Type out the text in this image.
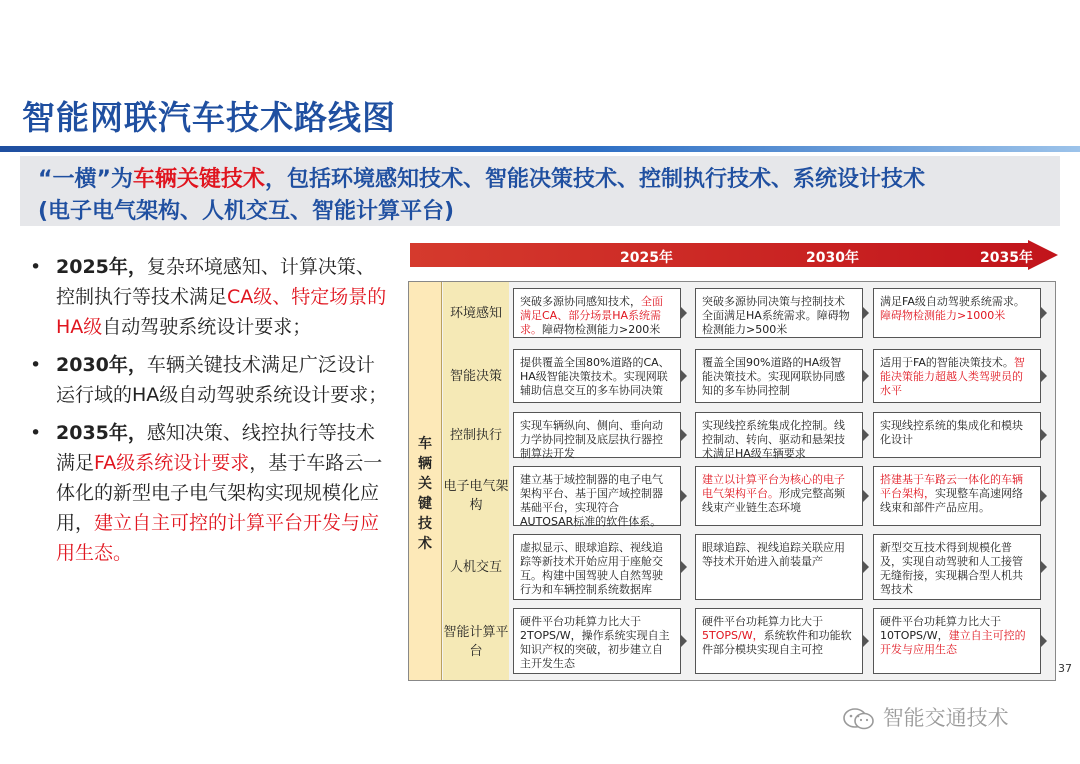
智能网联汽车技术路线图
“一横”为车辆关键技术，包括环境感知技术、智能决策技术、控制执行技术、系统设计技术
(电子电气架构、人机交互、智能计算平台)
• 2025年，复杂环境感知、计算决策、控制执行等技术满足CA级、特定场景的HA级自动驾驶系统设计要求；
• 2030年，车辆关键技术满足广泛设计运行域的HA级自动驾驶系统设计要求；
• 2035年，感知决策、线控执行等技术满足FA级系统设计要求，基于车路云一体化的新型电子电气架构实现规模化应用，建立自主可控的计算平台开发与应用生态。
2025年	2030年	2035年
车辆关键技术
环境感知
突破多源协同感知技术，全面满足CA、部分场景HA系统需求。障碍物检测能力>200米
突破多源协同决策与控制技术全面满足HA系统需求。障碍物检测能力>500米
满足FA级自动驾驶系统需求。障碍物检测能力>1000米
智能决策
提供覆盖全国80%道路的CA、HA级智能决策技术。实现网联辅助信息交互的多车协同决策
覆盖全国90%道路的HA级智能决策技术。实现网联协同感知的多车协同控制
适用于FA的智能决策技术。智能决策能力超越人类驾驶员的水平
控制执行
实现车辆纵向、侧向、垂向动力学协同控制及底层执行器控制算法开发
实现线控系统集成化控制。线控制动、转向、驱动和悬架技术满足HA级车辆要求
实现线控系统的集成化和模块化设计
电子电气架构
建立基于域控制器的电子电气架构平台、基于国产域控制器基础平台，实现符合AUTOSAR标准的软件体系。
建立以计算平台为核心的电子电气架构平台。形成完整高频线束产业链生态环境
搭建基于车路云一体化的车辆平台架构，实现整车高速网络线束和部件产品应用。
人机交互
虚拟显示、眼球追踪、视线追踪等新技术开始应用于座舱交互。构建中国驾驶人自然驾驶行为和车辆控制系统数据库
眼球追踪、视线追踪关联应用等技术开始进入前装量产
新型交互技术得到规模化普及，实现自动驾驶和人工接管无缝衔接，实现耦合型人机共驾技术
智能计算平台
硬件平台功耗算力比大于2TOPS/W，操作系统实现自主知识产权的突破，初步建立自主开发生态
硬件平台功耗算力比大于5TOPS/W，系统软件和功能软件部分模块实现自主可控
硬件平台功耗算力比大于10TOPS/W，建立自主可控的开发与应用生态
37
智能交通技术
